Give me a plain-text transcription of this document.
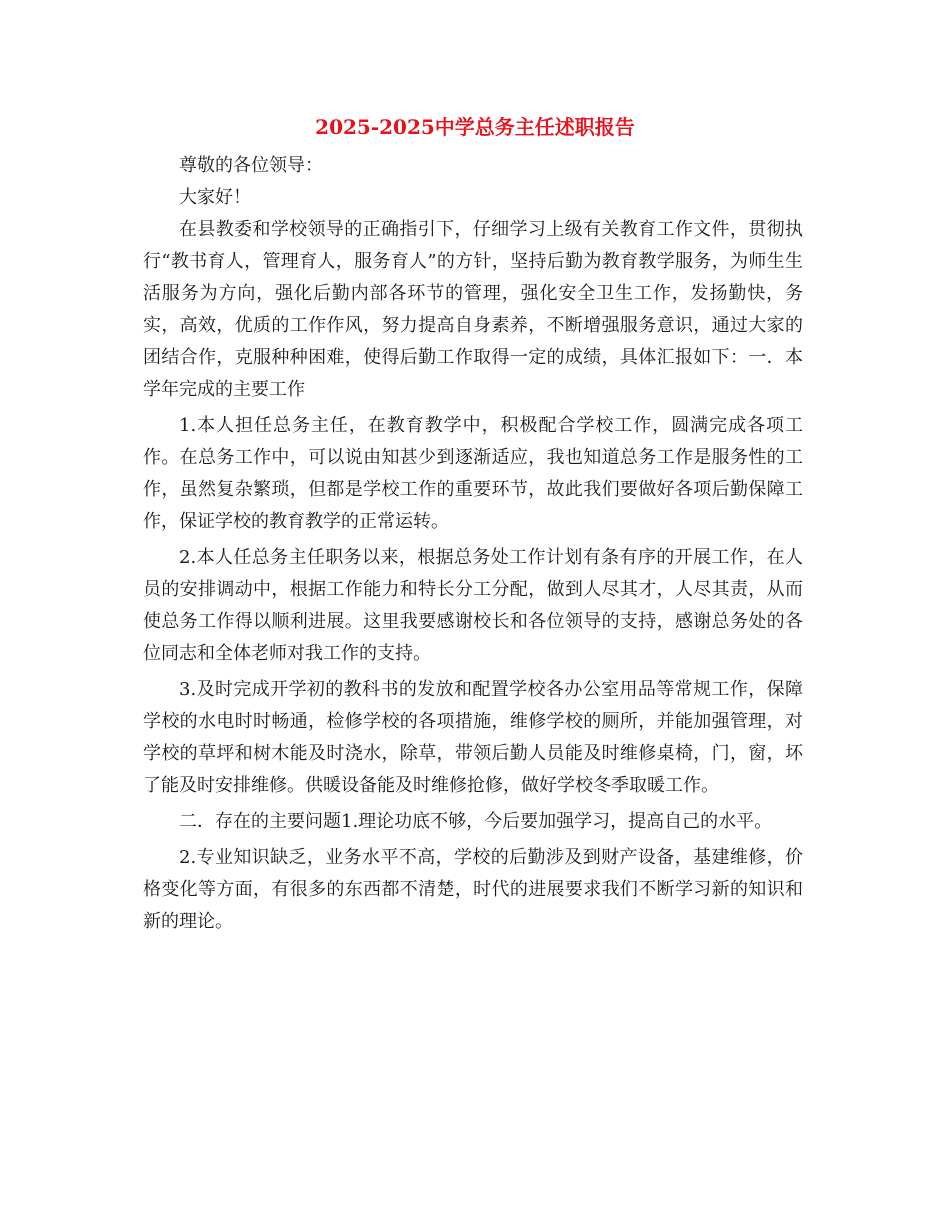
2025-2025中学总务主任述职报告

尊敬的各位领导：

大家好！

在县教委和学校领导的正确指引下，仔细学习上级有关教育工作文件，贯彻执行“教书育人，管理育人，服务育人”的方针，坚持后勤为教育教学服务，为师生生活服务为方向，强化后勤内部各环节的管理，强化安全卫生工作，发扬勤快，务实，高效，优质的工作作风，努力提高自身素养，不断增强服务意识，通过大家的团结合作，克服种种困难，使得后勤工作取得一定的成绩，具体汇报如下：一．本学年完成的主要工作

1.本人担任总务主任，在教育教学中，积极配合学校工作，圆满完成各项工作。在总务工作中，可以说由知甚少到逐渐适应，我也知道总务工作是服务性的工作，虽然复杂繁琐，但都是学校工作的重要环节，故此我们要做好各项后勤保障工作，保证学校的教育教学的正常运转。

2.本人任总务主任职务以来，根据总务处工作计划有条有序的开展工作，在人员的安排调动中，根据工作能力和特长分工分配，做到人尽其才，人尽其责，从而使总务工作得以顺利进展。这里我要感谢校长和各位领导的支持，感谢总务处的各位同志和全体老师对我工作的支持。

3.及时完成开学初的教科书的发放和配置学校各办公室用品等常规工作，保障学校的水电时时畅通，检修学校的各项措施，维修学校的厕所，并能加强管理，对学校的草坪和树木能及时浇水，除草，带领后勤人员能及时维修桌椅，门，窗，坏了能及时安排维修。供暖设备能及时维修抢修，做好学校冬季取暖工作。

二．存在的主要问题1.理论功底不够，今后要加强学习，提高自己的水平。

2.专业知识缺乏，业务水平不高，学校的后勤涉及到财产设备，基建维修，价格变化等方面，有很多的东西都不清楚，时代的进展要求我们不断学习新的知识和新的理论。
